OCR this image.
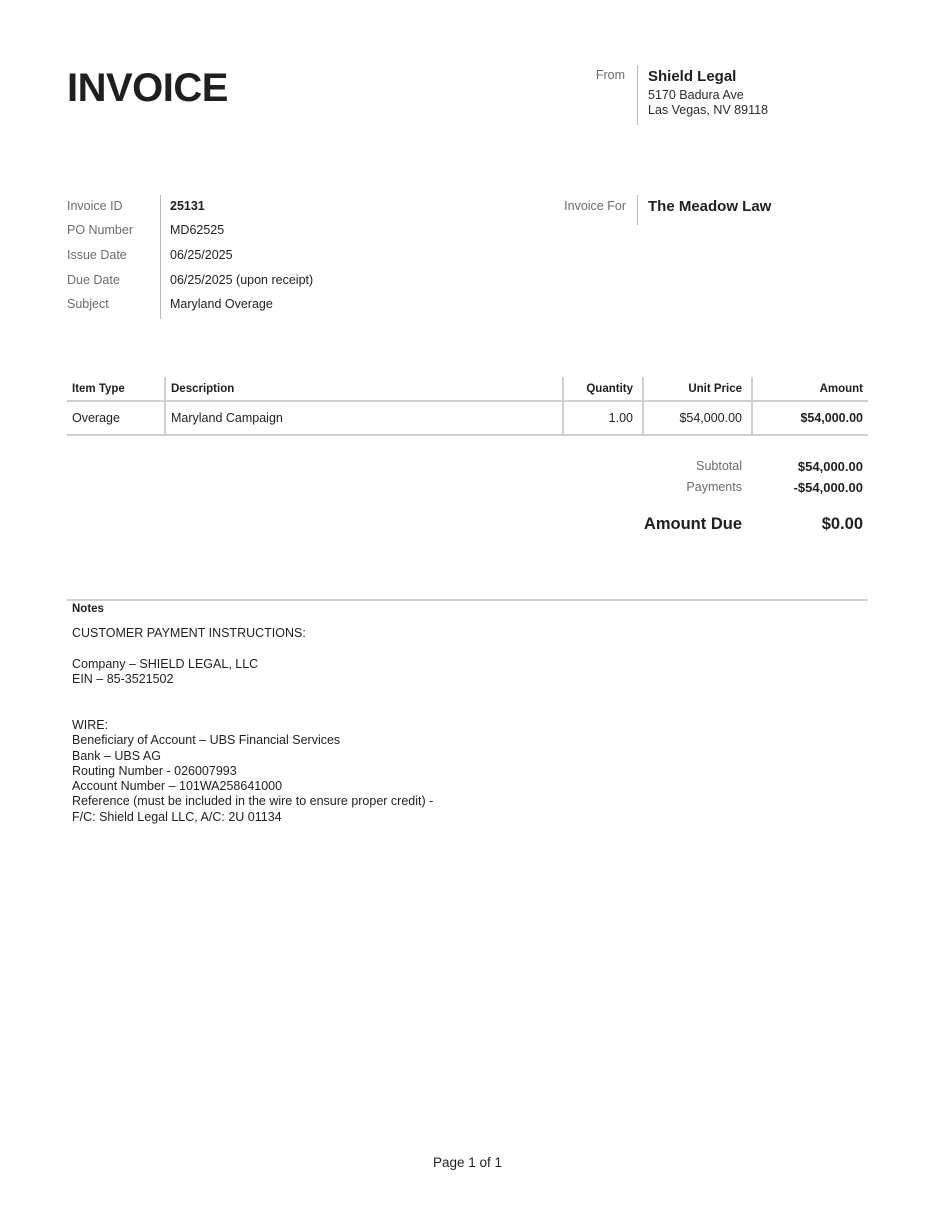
INVOICE	From Shield Legal
5170 Badura Ave
Las Vegas, NV 89118
Invoice ID	25131
PO Number	MD62525
Issue Date	06/25/2025
Due Date	06/25/2025 (upon receipt)
Subject	Maryland Overage
Invoice For The Meadow Law
Item Type	Description	Quantity	Unit Price	Amount
Overage	Maryland Campaign	1.00	$54,000.00	$54,000.00
Subtotal	$54,000.00
Payments	-$54,000.00
Amount Due	$0.00
Notes
CUSTOMER PAYMENT INSTRUCTIONS:
Company – SHIELD LEGAL, LLC
EIN – 85-3521502
WIRE:
Beneficiary of Account – UBS Financial Services
Bank – UBS AG
Routing Number - 026007993
Account Number – 101WA258641000
Reference (must be included in the wire to ensure proper credit) -
F/C: Shield Legal LLC, A/C: 2U 01134
Page 1 of 1
